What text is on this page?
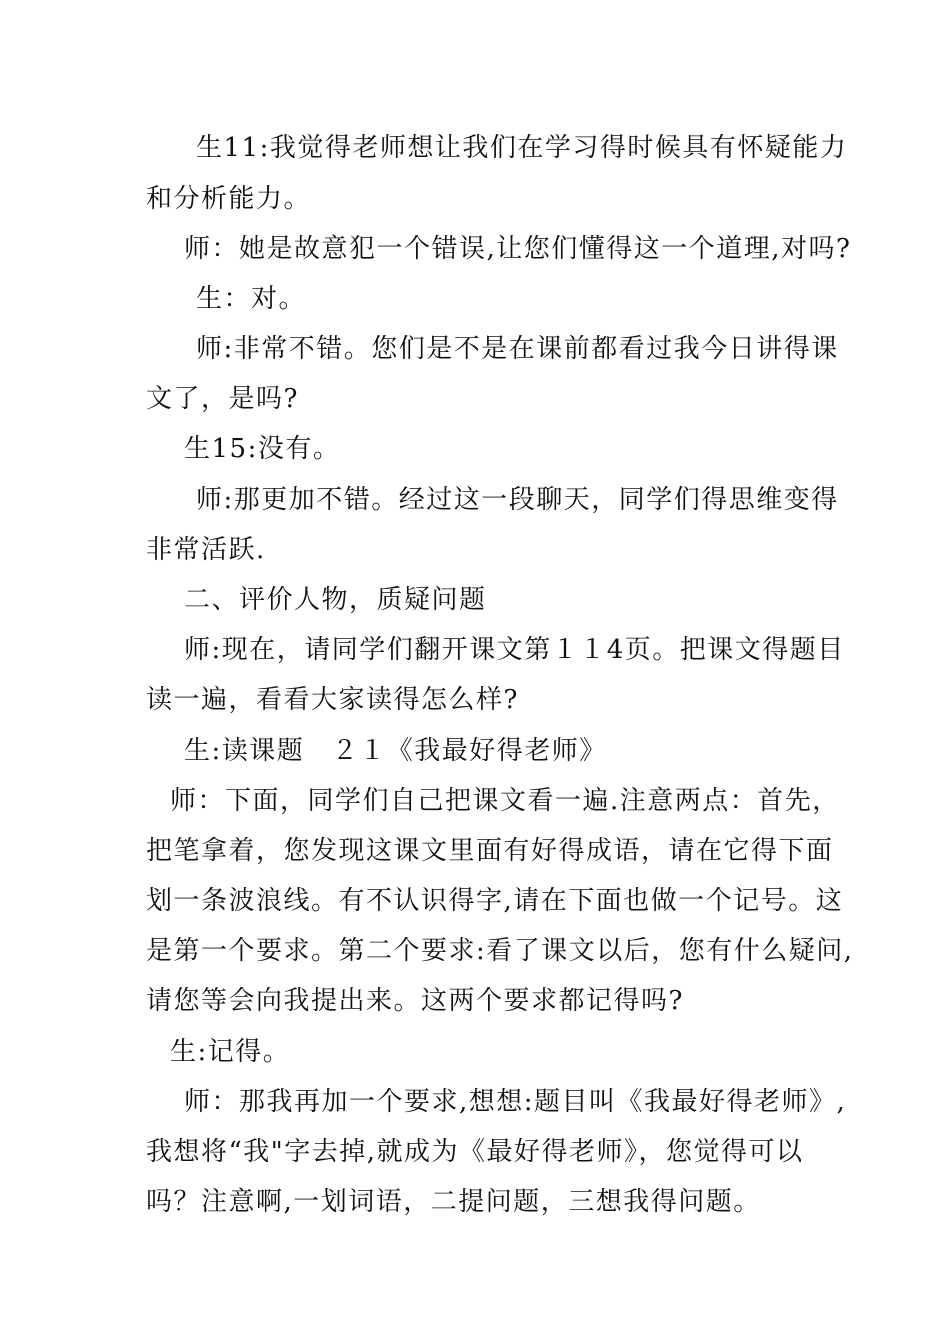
生11:我觉得老师想让我们在学习得时候具有怀疑能力
和分析能力。
师：她是故意犯一个错误,让您们懂得这一个道理,对吗?
生：对。
师:非常不错。您们是不是在课前都看过我今日讲得课
文了，是吗?
生15:没有。
师:那更加不错。经过这一段聊天，同学们得思维变得
非常活跃.
二、评价人物，质疑问题
师:现在，请同学们翻开课文第１１4页。把课文得题目
读一遍，看看大家读得怎么样?
生:读课题　２１《我最好得老师》
师：下面，同学们自己把课文看一遍.注意两点：首先，
把笔拿着，您发现这课文里面有好得成语，请在它得下面
划一条波浪线。有不认识得字,请在下面也做一个记号。这
是第一个要求。第二个要求:看了课文以后，您有什么疑问,
请您等会向我提出来。这两个要求都记得吗?
生:记得。
师：那我再加一个要求,想想:题目叫《我最好得老师》,
我想将“我"字去掉,就成为《最好得老师》，您觉得可以
吗？注意啊,一划词语，二提问题，三想我得问题。
